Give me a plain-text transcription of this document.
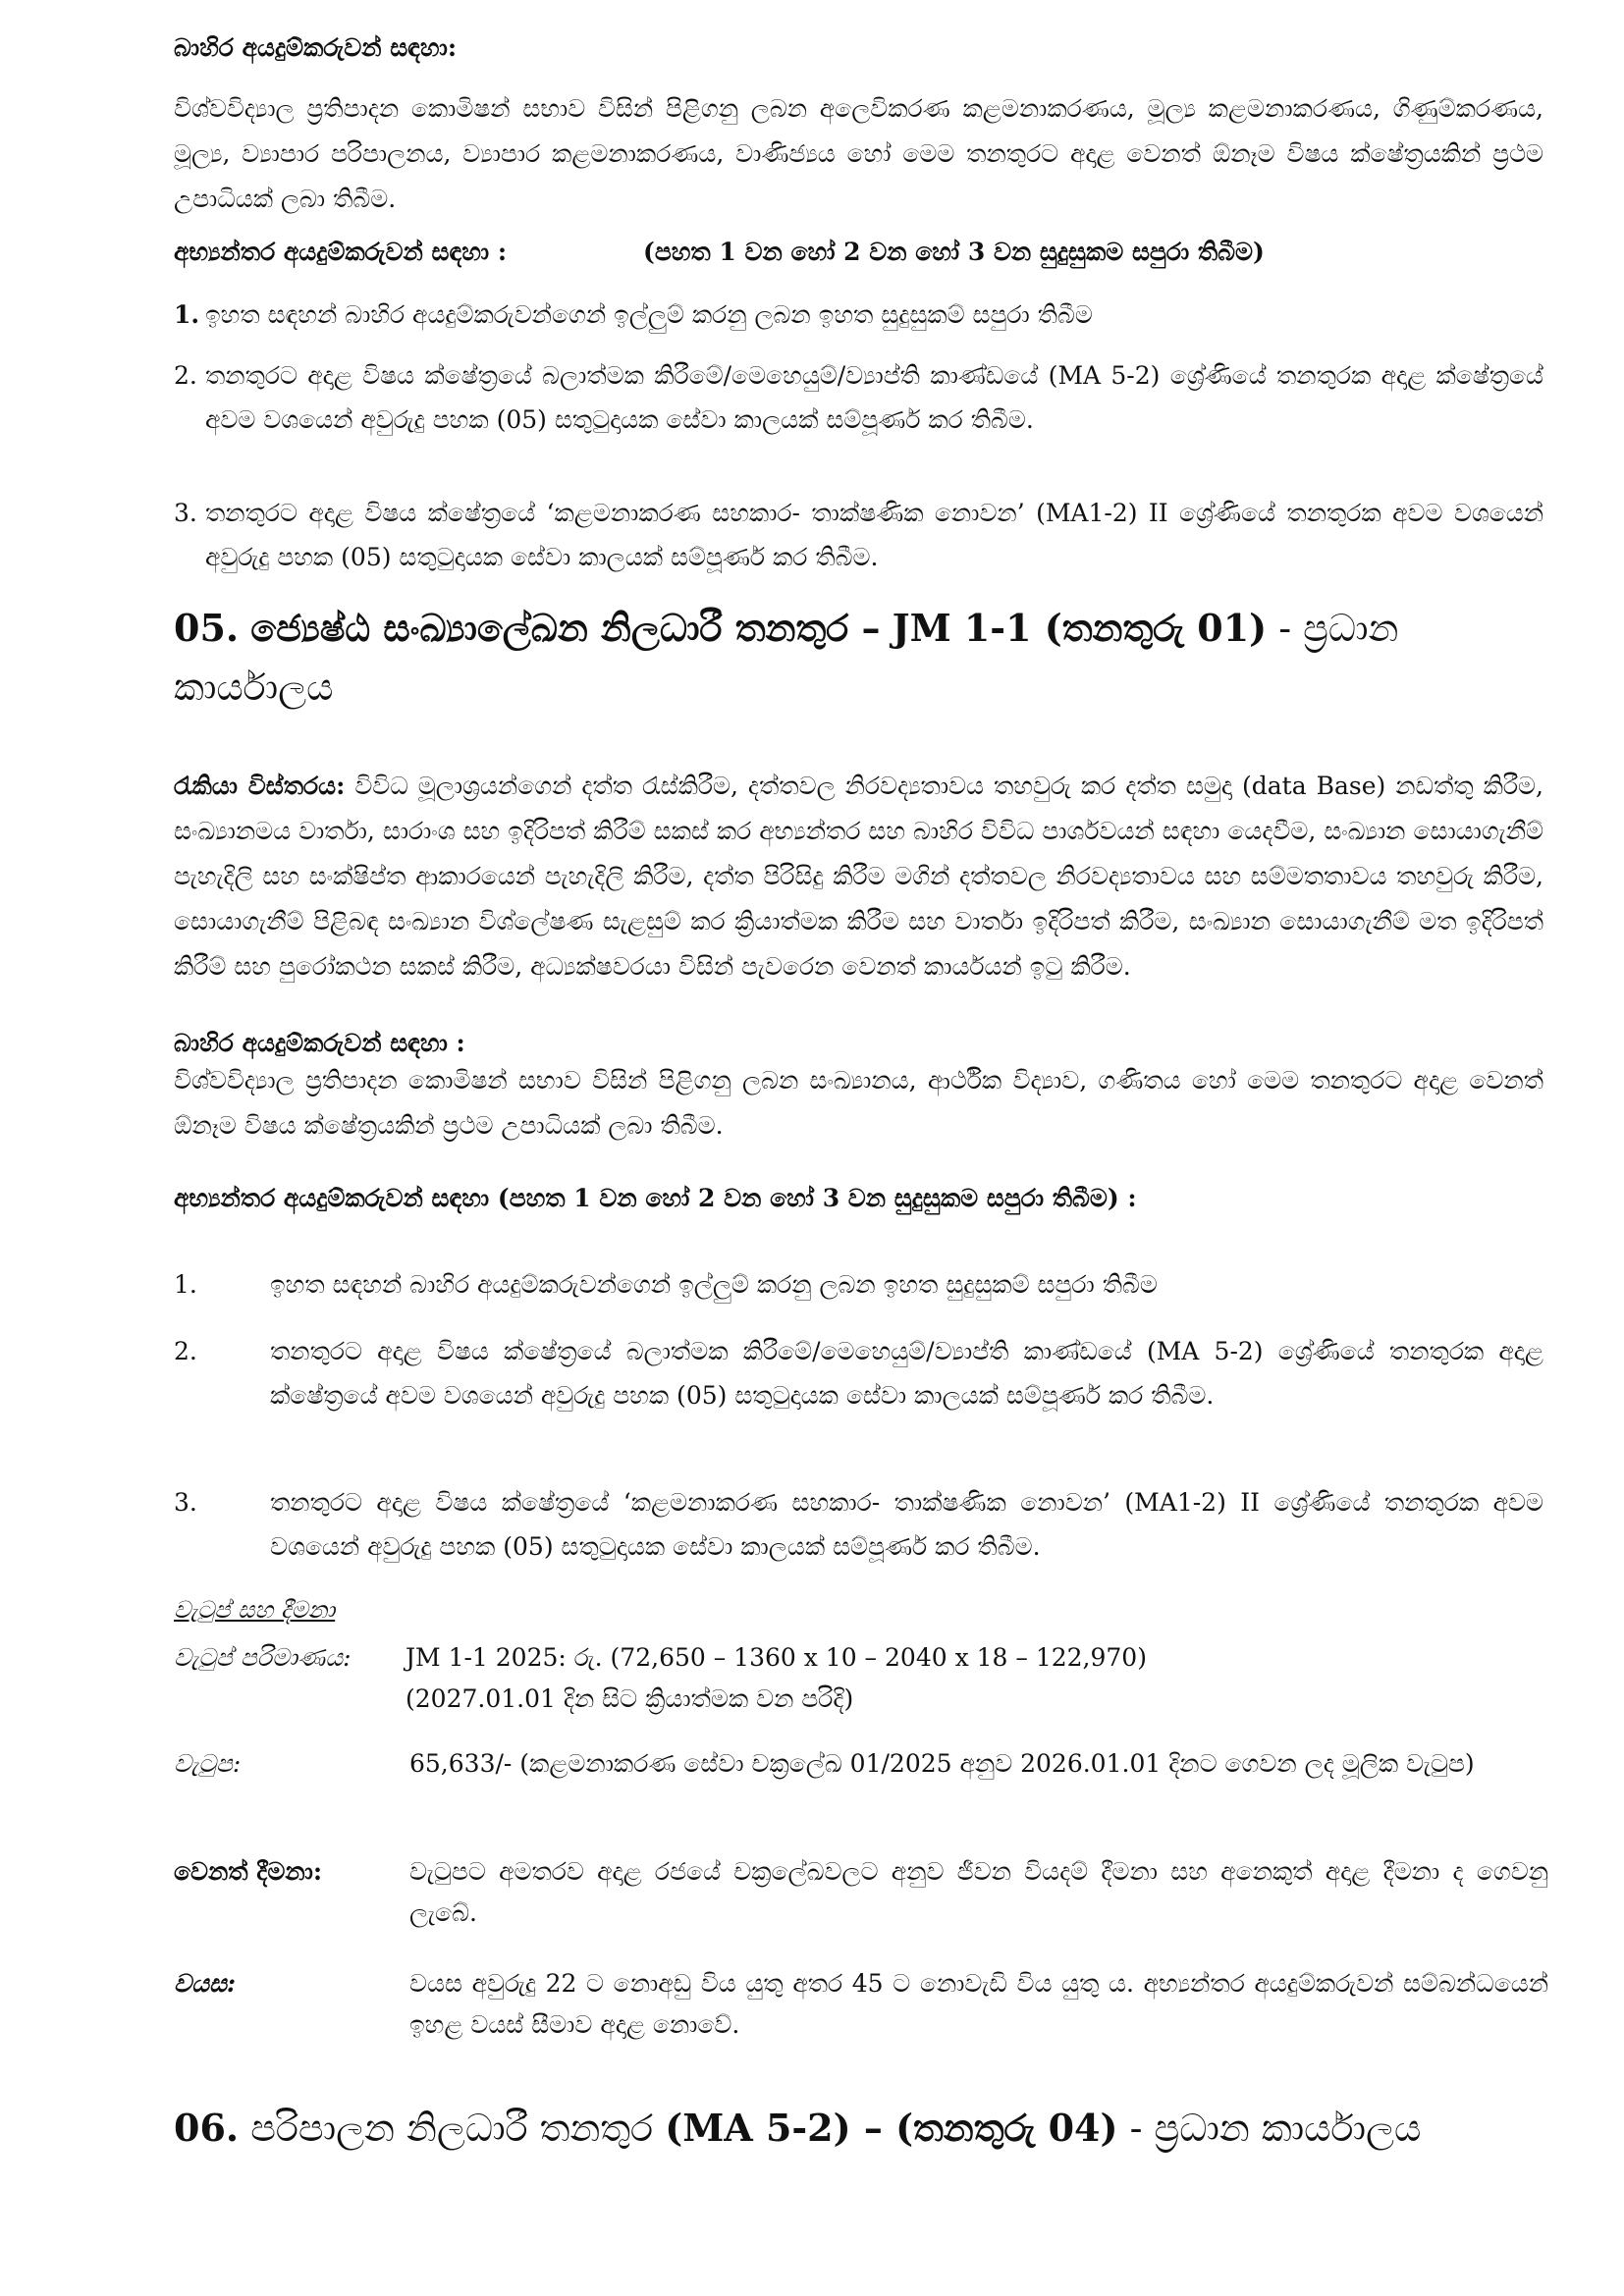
බාහිර අයදුම්කරුවන් සඳහා:

විශ්වවිද්‍යාල ප්‍රතිපාදන කොමිෂන් සභාව විසින් පිළිගනු ලබන අලෙවිකරණ කළමනාකරණය, මූල්‍ය කළමනාකරණය, ගිණුම්කරණය, මූල්‍ය, ව්‍යාපාර පරිපාලනය, ව්‍යාපාර කළමනාකරණය, වාණිජ්‍යය හෝ මෙම තනතුරට අදාළ වෙනත් ඕනෑම විෂය ක්ෂේත්‍රයකින් ප්‍රථම උපාධියක් ලබා තිබීම.

අභ්‍යන්තර අයදුම්කරුවන් සඳහා :	(පහත 1 වන හෝ 2 වන හෝ 3 වන සුදුසුකම සපුරා තිබීම)
1. ඉහත සඳහන් බාහිර අයදුම්කරුවන්ගෙන් ඉල්ලුම් කරනු ලබන ඉහත සුදුසුකම් සපුරා තිබීම
2. තනතුරට අදාළ විෂය ක්ෂේත්‍රයේ බලාත්මක කිරීමේ/මෙහෙයුම්/ව්‍යාප්ති කාණ්ඩයේ (MA 5-2) ශ්‍රේණියේ තනතුරක අදාළ ක්ෂේත්‍රයේ අවම වශයෙන් අවුරුදු පහක (05) සතුටුදායක සේවා කාලයක් සම්පූර්ණ කර තිබීම.
3. තනතුරට අදාළ විෂය ක්ෂේත්‍රයේ ‘කළමනාකරණ සහකාර- තාක්ෂණික නොවන’ (MA1-2) II ශ්‍රේණියේ තනතුරක අවම වශයෙන් අවුරුදු පහක (05) සතුටුදායක සේවා කාලයක් සම්පූර්ණ කර තිබීම.

05. ජ්‍යෙෂ්ඨ සංඛ්‍යාලේඛන නිලධාරී තනතුර – JM 1-1 (තනතුරු 01) - ප්‍රධාන කාර්යාලය

රැකියා විස්තරය: විවිධ මූලාශ්‍රයන්ගෙන් දත්ත රැස්කිරීම, දත්තවල නිරවද්‍යතාවය තහවුරු කර දත්ත සමුදා (data Base) නඩත්තු කිරීම, සංඛ්‍යානමය වාර්තා, සාරාංශ සහ ඉදිරිපත් කිරීම් සකස් කර අභ්‍යන්තර සහ බාහිර විවිධ පාර්ශවයන් සඳහා යෙදවීම, සංඛ්‍යාන සොයාගැනීම් පැහැදිලි සහ සංක්ෂිප්ත ආකාරයෙන් පැහැදිලි කිරීම, දත්ත පිරිසිදු කිරීම මගින් දත්තවල නිරවද්‍යතාවය සහ සම්මතතාවය තහවුරු කිරීම, සොයාගැනීම් පිළිබඳ සංඛ්‍යාන විශ්ලේෂණ සැළසුම් කර ක්‍රියාත්මක කිරීම සහ වාර්තා ඉදිරිපත් කිරීම, සංඛ්‍යාන සොයාගැනීම් මත ඉදිරිපත් කිරීම් සහ පුරෝකථන සකස් කිරීම, අධ්‍යක්ෂවරයා විසින් පැවරෙන වෙනත් කාර්යයන් ඉටු කිරීම.

බාහිර අයදුම්කරුවන් සඳහා :

විශ්වවිද්‍යාල ප්‍රතිපාදන කොමිෂන් සභාව විසින් පිළිගනු ලබන සංඛ්‍යානය, ආර්ථික විද්‍යාව, ගණිතය හෝ මෙම තනතුරට අදාළ වෙනත් ඕනෑම විෂය ක්ෂේත්‍රයකින් ප්‍රථම උපාධියක් ලබා තිබීම.

අභ්‍යන්තර අයදුම්කරුවන් සඳහා (පහත 1 වන හෝ 2 වන හෝ 3 වන සුදුසුකම සපුරා තිබීම) :

1.	ඉහත සඳහන් බාහිර අයදුම්කරුවන්ගෙන් ඉල්ලුම් කරනු ලබන ඉහත සුදුසුකම් සපුරා තිබීම
2.	තනතුරට අදාළ විෂය ක්ෂේත්‍රයේ බලාත්මක කිරීමේ/මෙහෙයුම්/ව්‍යාප්ති කාණ්ඩයේ (MA 5-2) ශ්‍රේණියේ තනතුරක අදාළ ක්ෂේත්‍රයේ අවම වශයෙන් අවුරුදු පහක (05) සතුටුදායක සේවා කාලයක් සම්පූර්ණ කර තිබීම.
3.	තනතුරට අදාළ විෂය ක්ෂේත්‍රයේ ‘කළමනාකරණ සහකාර- තාක්ෂණික නොවන’ (MA1-2) II ශ්‍රේණියේ තනතුරක අවම වශයෙන් අවුරුදු පහක (05) සතුටුදායක සේවා කාලයක් සම්පූර්ණ කර තිබීම.

වැටුප් සහ දීමනා

වැටුප් පරිමාණය: JM 1-1 2025: රු. (72,650 – 1360 x 10 – 2040 x 18 – 122,970)
(2027.01.01 දින සිට ක්‍රියාත්මක වන පරිදි)
වැටුප:	65,633/- (කළමනාකරණ සේවා චක්‍රලේඛ 01/2025 අනුව 2026.01.01 දිනට ගෙවන ලද මූලික වැටුප)
වෙනත් දීමනා:	වැටුපට අමතරව අදාළ රජයේ චක්‍රලේඛවලට අනුව ජීවන වියදම් දීමනා සහ අනෙකුත් අදාළ දීමනා ද ගෙවනු ලැබේ.
වයස:	වයස අවුරුදු 22 ට නොඅඩු විය යුතු අතර 45 ට නොවැඩි විය යුතු ය. අභ්‍යන්තර අයදුම්කරුවන් සම්බන්ධයෙන් ඉහළ වයස් සීමාව අදාළ නොවේ.

06. පරිපාලන නිලධාරී තනතුර (MA 5-2) – (තනතුරු 04) - ප්‍රධාන කාර්යාලය
